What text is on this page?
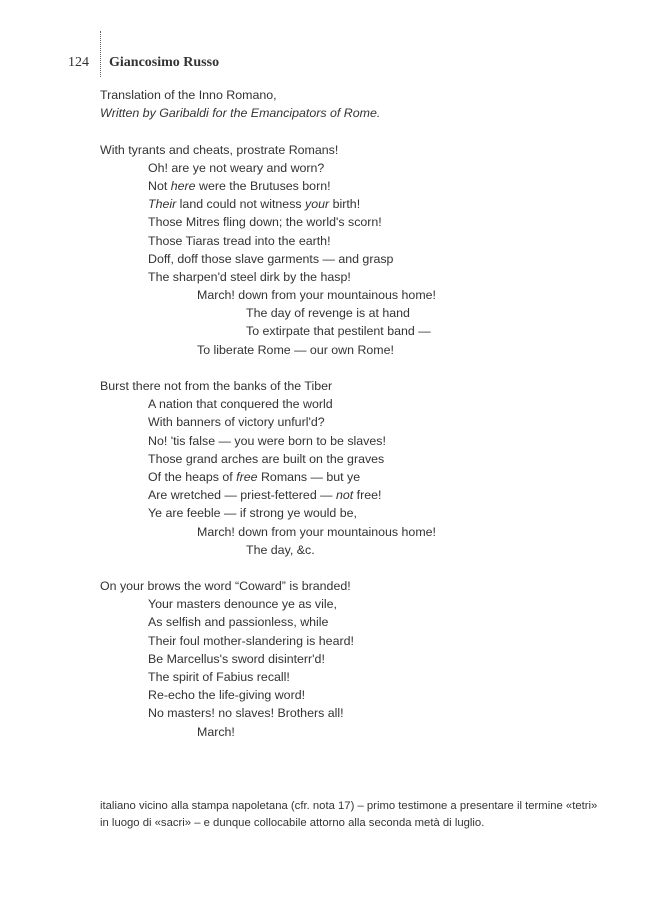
124 Giancosimo Russo
Translation of the Inno Romano,
Written by Garibaldi for the Emancipators of Rome.
With tyrants and cheats, prostrate Romans!
Oh! are ye not weary and worn?
Not here were the Brutuses born!
Their land could not witness your birth!
Those Mitres fling down; the world's scorn!
Those Tiaras tread into the earth!
Doff, doff those slave garments — and grasp
The sharpen'd steel dirk by the hasp!
March! down from your mountainous home!
The day of revenge is at hand
To extirpate that pestilent band —
To liberate Rome — our own Rome!
Burst there not from the banks of the Tiber
A nation that conquered the world
With banners of victory unfurl'd?
No! 'tis false — you were born to be slaves!
Those grand arches are built on the graves
Of the heaps of free Romans — but ye
Are wretched — priest-fettered — not free!
Ye are feeble — if strong ye would be,
March! down from your mountainous home!
The day, &c.
On your brows the word “Coward” is branded!
Your masters denounce ye as vile,
As selfish and passionless, while
Their foul mother-slandering is heard!
Be Marcellus's sword disinterr'd!
The spirit of Fabius recall!
Re-echo the life-giving word!
No masters! no slaves! Brothers all!
March!
italiano vicino alla stampa napoletana (cfr. nota 17) – primo testimone a presentare il termine «tetri»
in luogo di «sacri» – e dunque collocabile attorno alla seconda metà di luglio.
